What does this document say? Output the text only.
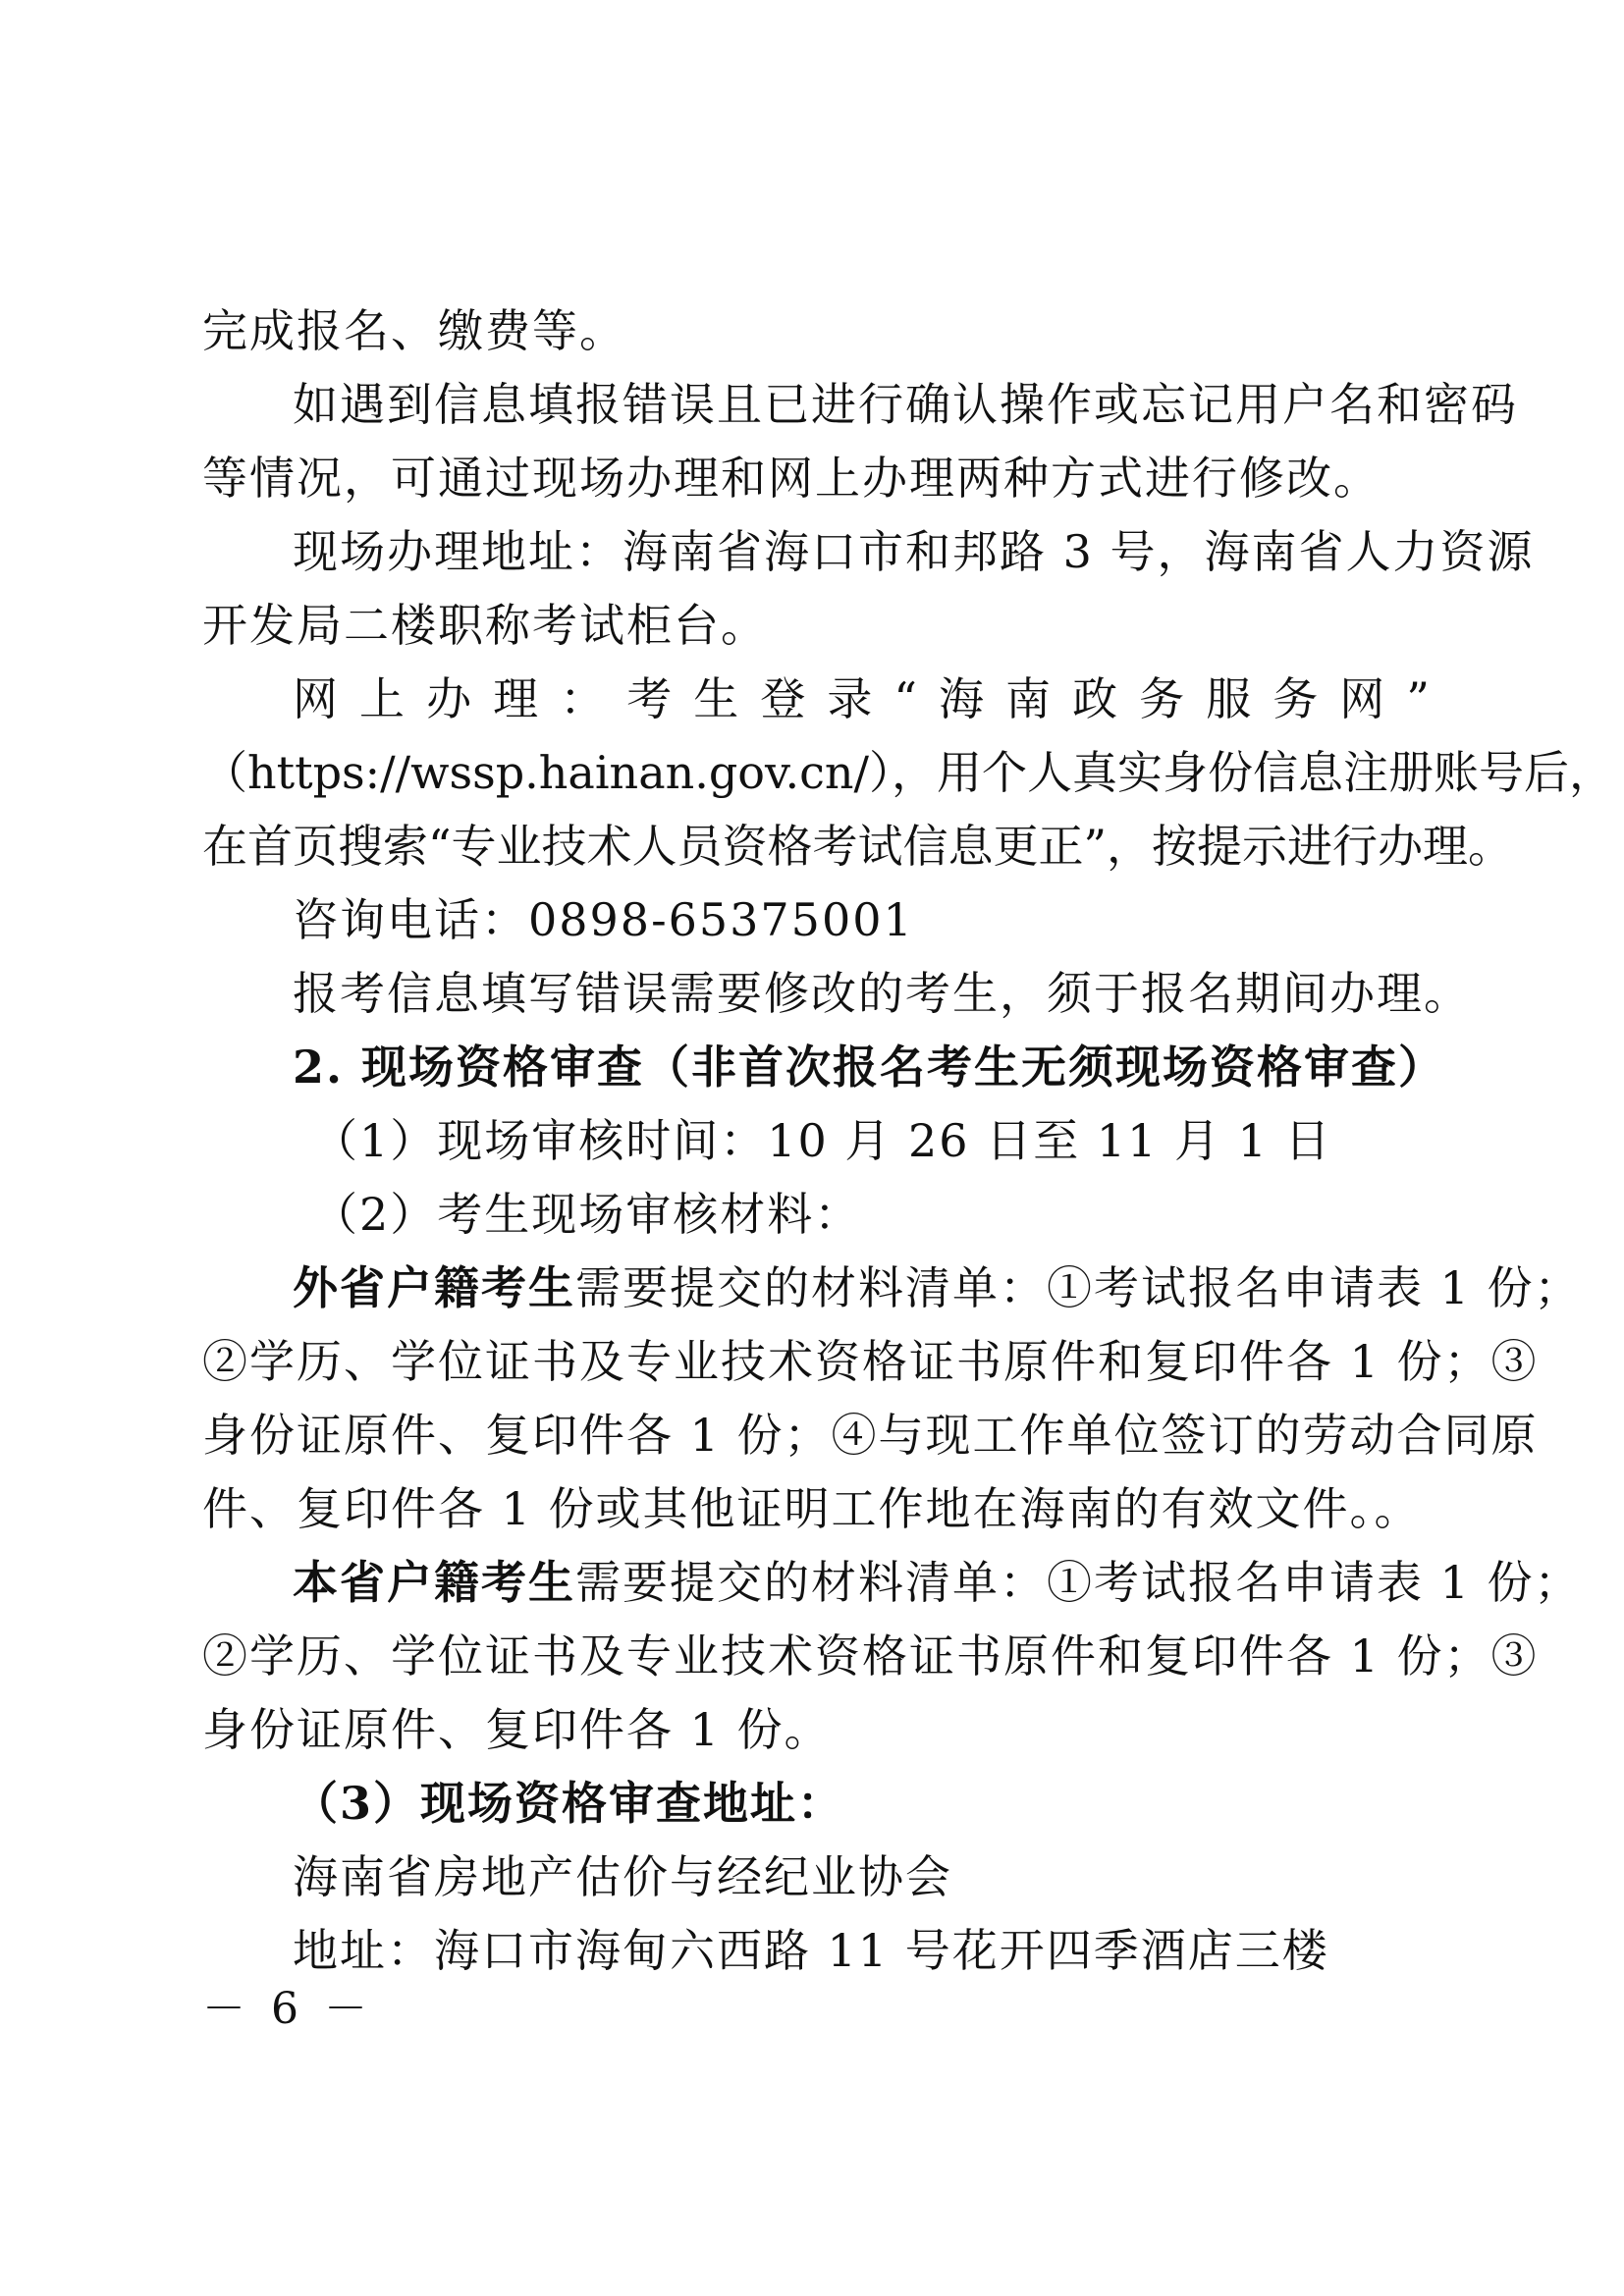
完成报名、缴费等。
如遇到信息填报错误且已进行确认操作或忘记用户名和密码
等情况，可通过现场办理和网上办理两种方式进行修改。
现场办理地址：海南省海口市和邦路 3 号，海南省人力资源
开发局二楼职称考试柜台。
网 上 办 理 ： 考 生 登 录 “ 海 南 政 务 服 务 网 ”
（https://wssp.hainan.gov.cn/），用个人真实身份信息注册账号后，
在首页搜索“专业技术人员资格考试信息更正”，按提示进行办理。
咨询电话：0898-65375001
报考信息填写错误需要修改的考生，须于报名期间办理。
2. 现场资格审查（非首次报名考生无须现场资格审查）
（1）现场审核时间：10 月 26 日至 11 月 1 日
（2）考生现场审核材料：
外省户籍考生需要提交的材料清单：①考试报名申请表 1 份；
②学历、学位证书及专业技术资格证书原件和复印件各 1 份；③
身份证原件、复印件各 1 份；④与现工作单位签订的劳动合同原
件、复印件各 1 份或其他证明工作地在海南的有效文件。。
本省户籍考生需要提交的材料清单：①考试报名申请表 1 份；
②学历、学位证书及专业技术资格证书原件和复印件各 1 份；③
身份证原件、复印件各 1 份。
（3）现场资格审查地址：
海南省房地产估价与经纪业协会
地址：海口市海甸六西路 11 号花开四季酒店三楼
－ 6 －
